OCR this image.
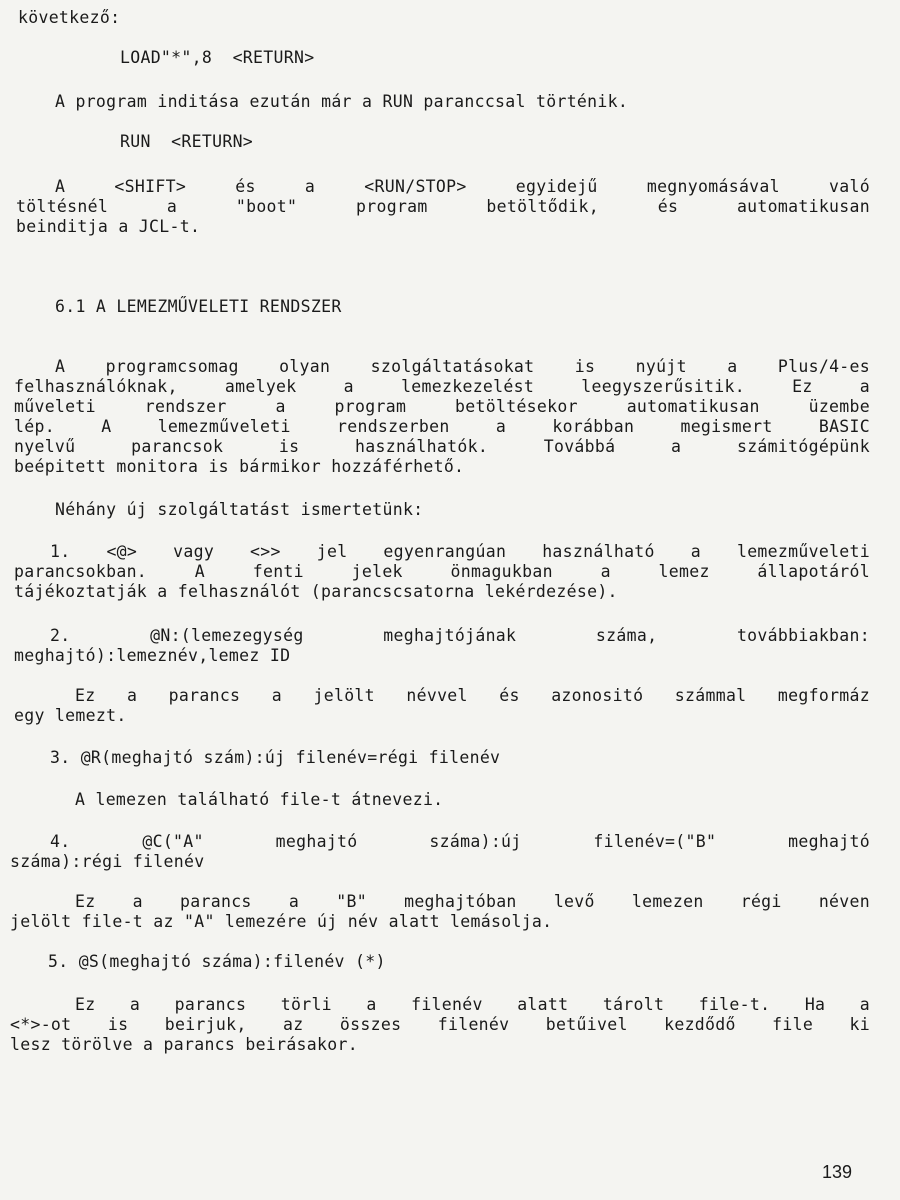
következő:
LOAD"*",8  <RETURN>
A program inditása ezután már a RUN paranccsal történik.
RUN  <RETURN>
A <SHIFT> és a <RUN/STOP> egyidejű megnyomásával való
töltésnél a "boot" program betöltődik, és automatikusan
beinditja a JCL-t.
6.1 A LEMEZMŰVELETI RENDSZER
A programcsomag olyan szolgáltatásokat is nyújt a Plus/4-es
felhasználóknak, amelyek a lemezkezelést leegyszerűsitik. Ez a
műveleti rendszer a program betöltésekor automatikusan üzembe
lép. A lemezműveleti rendszerben a korábban megismert BASIC
nyelvű parancsok is használhatók. Továbbá a számitógépünk
beépitett monitora is bármikor hozzáférhető.
Néhány új szolgáltatást ismertetünk:
1. <@> vagy <>> jel egyenrangúan használható a lemezműveleti
parancsokban. A fenti jelek önmagukban a lemez állapotáról
tájékoztatják a felhasználót (parancscsatorna lekérdezése).
2. @N:(lemezegység meghajtójának száma, továbbiakban:
meghajtó):lemeznév,lemez ID
Ez a parancs a jelölt névvel és azonositó számmal megformáz
egy lemezt.
3. @R(meghajtó szám):új filenév=régi filenév
A lemezen található file-t átnevezi.
4. @C("A" meghajtó száma):új filenév=("B" meghajtó
száma):régi filenév
Ez a parancs a "B" meghajtóban levő lemezen régi néven
jelölt file-t az "A" lemezére új név alatt lemásolja.
5. @S(meghajtó száma):filenév (*)
Ez a parancs törli a filenév alatt tárolt file-t. Ha a
<*>-ot is beirjuk, az összes filenév betűivel kezdődő file ki
lesz törölve a parancs beirásakor.
139
